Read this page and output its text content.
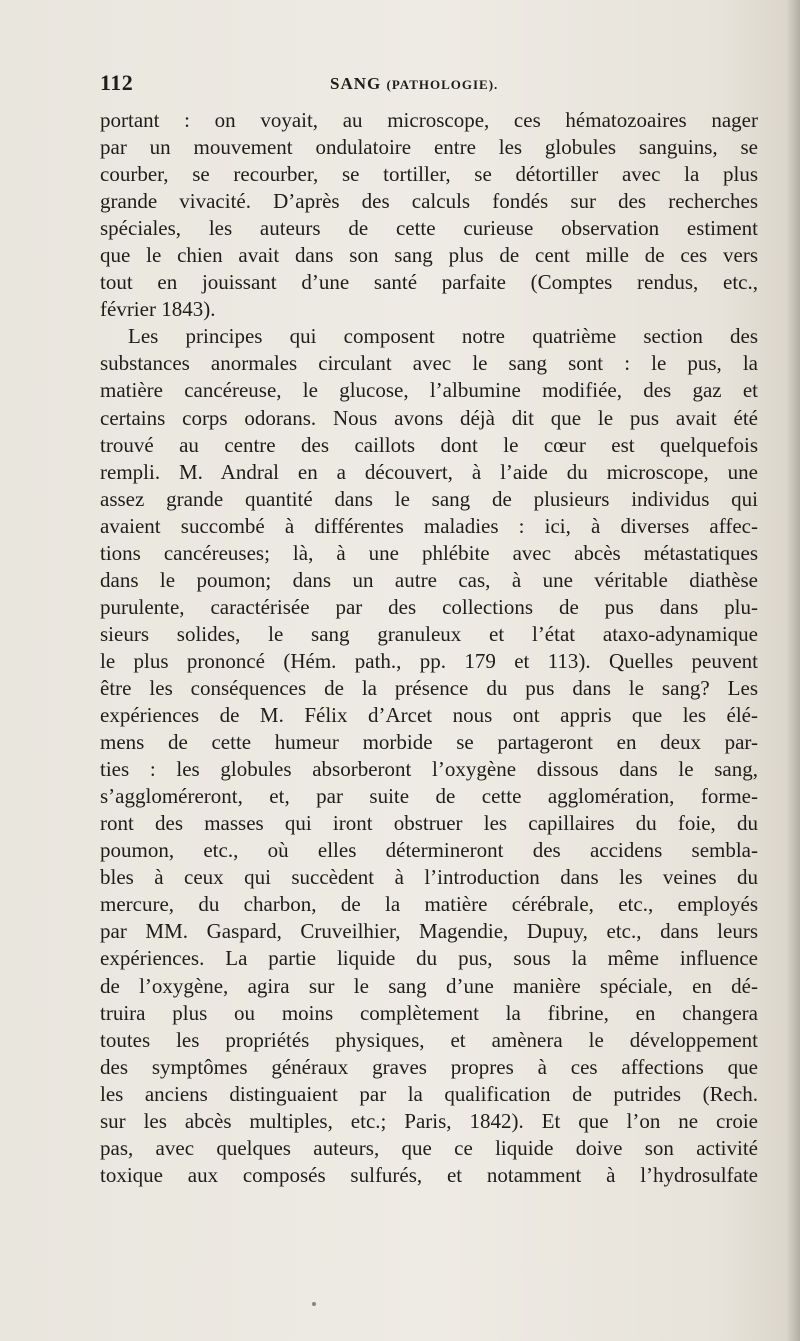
112	SANG (PATHOLOGIE).
portant : on voyait, au microscope, ces hématozoaires nager
par un mouvement ondulatoire entre les globules sanguins, se
courber, se recourber, se tortiller, se détortiller avec la plus
grande vivacité. D’après des calculs fondés sur des recherches
spéciales, les auteurs de cette curieuse observation estiment
que le chien avait dans son sang plus de cent mille de ces vers
tout en jouissant d’une santé parfaite (Comptes rendus, etc.,
février 1843).
Les principes qui composent notre quatrième section des
substances anormales circulant avec le sang sont : le pus, la
matière cancéreuse, le glucose, l’albumine modifiée, des gaz et
certains corps odorans. Nous avons déjà dit que le pus avait été
trouvé au centre des caillots dont le cœur est quelquefois
rempli. M. Andral en a découvert, à l’aide du microscope, une
assez grande quantité dans le sang de plusieurs individus qui
avaient succombé à différentes maladies : ici, à diverses affec-
tions cancéreuses; là, à une phlébite avec abcès métastatiques
dans le poumon; dans un autre cas, à une véritable diathèse
purulente, caractérisée par des collections de pus dans plu-
sieurs solides, le sang granuleux et l’état ataxo-adynamique
le plus prononcé (Hém. path., pp. 179 et 113). Quelles peuvent
être les conséquences de la présence du pus dans le sang? Les
expériences de M. Félix d’Arcet nous ont appris que les élé-
mens de cette humeur morbide se partageront en deux par-
ties : les globules absorberont l’oxygène dissous dans le sang,
s’aggloméreront, et, par suite de cette agglomération, forme-
ront des masses qui iront obstruer les capillaires du foie, du
poumon, etc., où elles détermineront des accidens sembla-
bles à ceux qui succèdent à l’introduction dans les veines du
mercure, du charbon, de la matière cérébrale, etc., employés
par MM. Gaspard, Cruveilhier, Magendie, Dupuy, etc., dans leurs
expériences. La partie liquide du pus, sous la même influence
de l’oxygène, agira sur le sang d’une manière spéciale, en dé-
truira plus ou moins complètement la fibrine, en changera
toutes les propriétés physiques, et amènera le développement
des symptômes généraux graves propres à ces affections que
les anciens distinguaient par la qualification de putrides (Rech.
sur les abcès multiples, etc.; Paris, 1842). Et que l’on ne croie
pas, avec quelques auteurs, que ce liquide doive son activité
toxique aux composés sulfurés, et notamment à l’hydrosulfate
